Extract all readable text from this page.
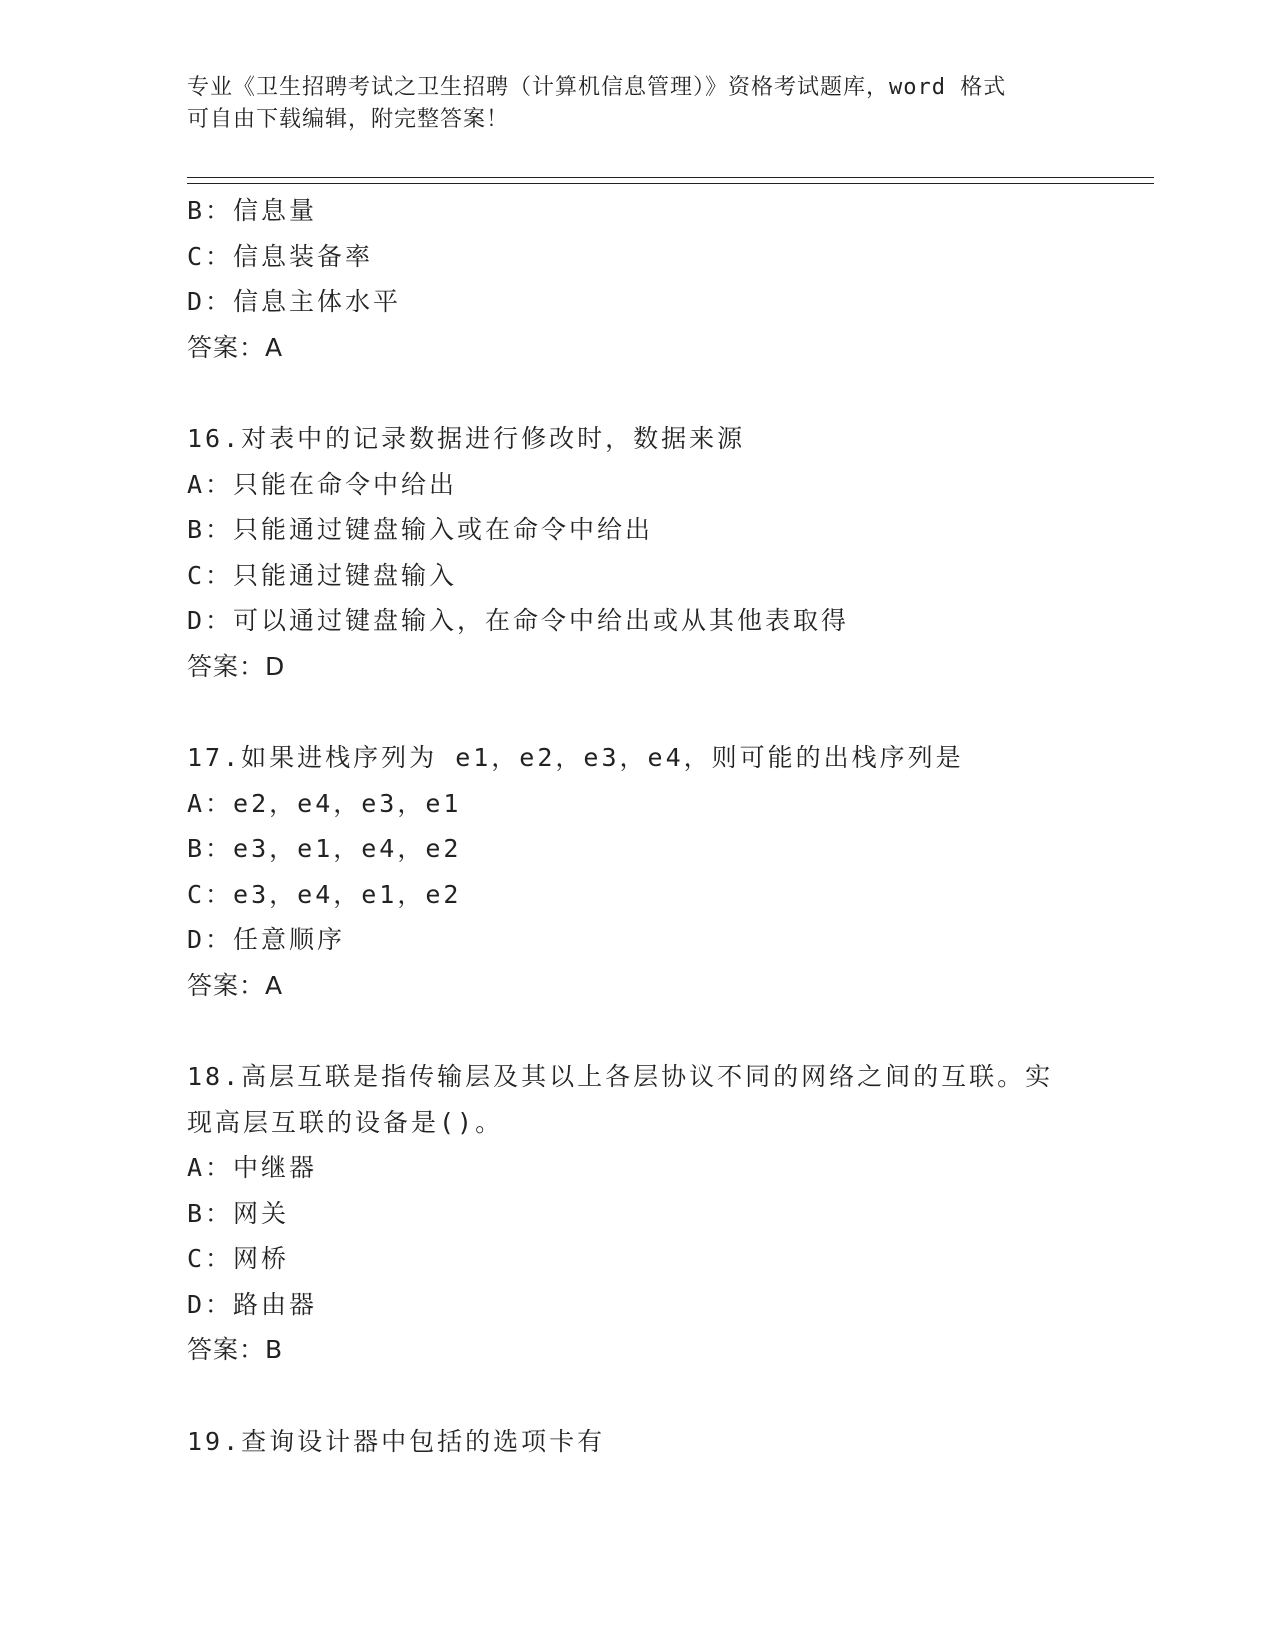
专业《卫生招聘考试之卫生招聘（计算机信息管理）》资格考试题库，word 格式
可自由下载编辑，附完整答案！
B：信息量
C：信息装备率
D：信息主体水平
答案：A
16.对表中的记录数据进行修改时，数据来源
A：只能在命令中给出
B：只能通过键盘输入或在命令中给出
C：只能通过键盘输入
D：可以通过键盘输入，在命令中给出或从其他表取得
答案：D
17.如果进栈序列为 e1，e2，e3，e4，则可能的出栈序列是
A：e2，e4，e3，e1
B：e3，e1，e4，e2
C：e3，e4，e1，e2
D：任意顺序
答案：A
18.高层互联是指传输层及其以上各层协议不同的网络之间的互联。实
现高层互联的设备是()。
A：中继器
B：网关
C：网桥
D：路由器
答案：B
19.查询设计器中包括的选项卡有
